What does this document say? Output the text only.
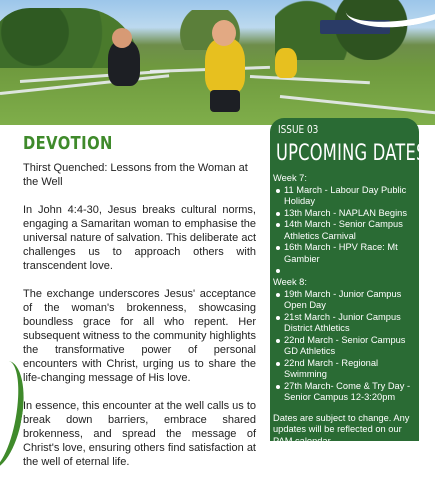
DEVOTION

Thirst Quenched: Lessons from the Woman at the Well

In John 4:4-30, Jesus breaks cultural norms, engaging a Samaritan woman to emphasise the universal nature of salvation. This deliberate act challenges us to approach others with transcendent love.

The exchange underscores Jesus' acceptance of the woman's brokenness, showcasing boundless grace for all who repent. Her subsequent witness to the community highlights the transformative power of personal encounters with Christ, urging us to share the life-changing message of His love.

In essence, this encounter at the well calls us to break down barriers, embrace shared brokenness, and spread the message of Christ's love, ensuring others find satisfaction at the well of eternal life.

ISSUE 03
UPCOMING DATES
Week 7:
11 March - Labour Day Public Holiday
13th March - NAPLAN Begins
14th March - Senior Campus Athletics Carnival
16th March - HPV Race: Mt Gambier
Week 8:
19th March - Junior Campus Open Day
21st March - Junior Campus District Athletics
22nd March - Senior Campus GD Athletics
22nd March - Regional Swimming
27th March- Come & Try Day - Senior Campus 12-3:20pm
Dates are subject to change. Any updates will be reflected on our PAM calendar.
